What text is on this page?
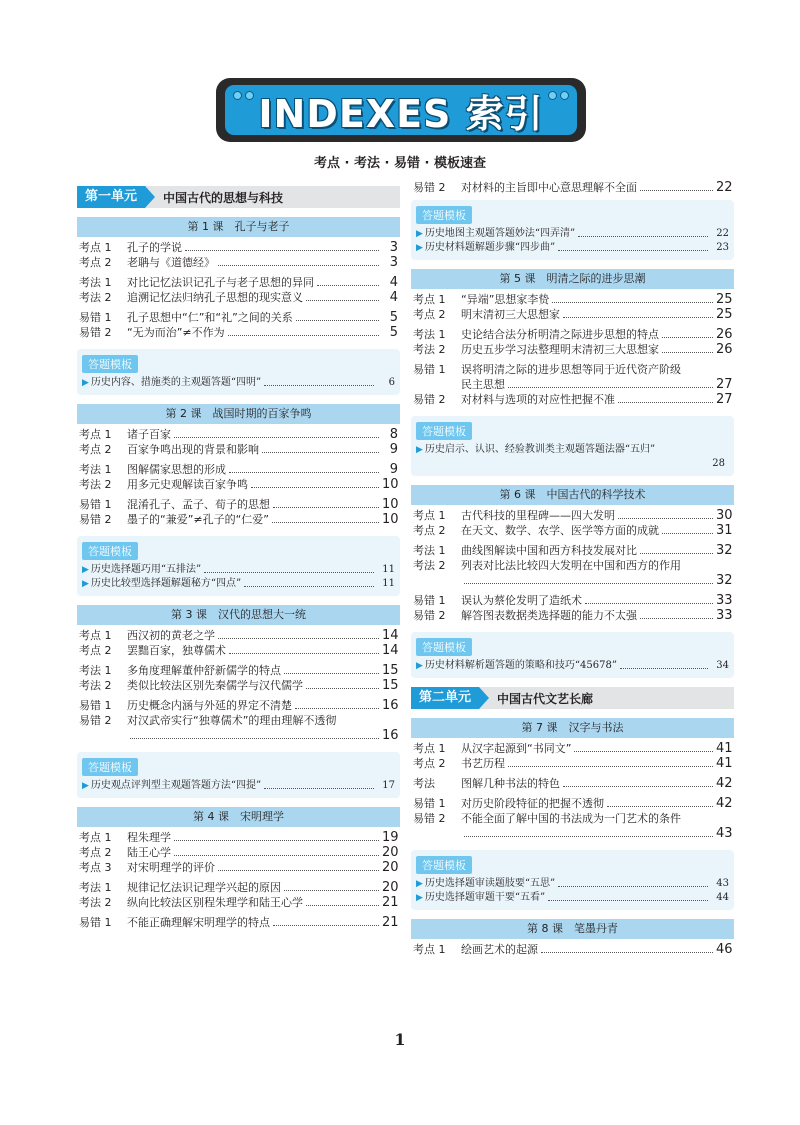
INDEXES 索引
考点 · 考法 · 易错 · 模板速查
第一单元	中国古代的思想与科技
第 1 课　孔子与老子
考点 1	孔子的学说	3
考点 2	老聃与《道德经》	3
考法 1	对比记忆法识记孔子与老子思想的异同	4
考法 2	追溯记忆法归纳孔子思想的现实意义	4
易错 1	孔子思想中“仁”和“礼”之间的关系	5
易错 2	“无为而治”≠不作为	5
答题模板
▶ 历史内容、措施类的主观题答题“四明”	6
第 2 课　战国时期的百家争鸣
考点 1	诸子百家	8
考点 2	百家争鸣出现的背景和影响	9
考法 1	图解儒家思想的形成	9
考法 2	用多元史观解读百家争鸣	10
易错 1	混淆孔子、孟子、荀子的思想	10
易错 2	墨子的“兼爱”≠孔子的“仁爱”	10
答题模板
▶ 历史选择题巧用“五排法”	11
▶ 历史比较型选择题解题秘方“四点”	11
第 3 课　汉代的思想大一统
考点 1	西汉初的黄老之学	14
考点 2	罢黜百家，独尊儒术	14
考法 1	多角度理解董仲舒新儒学的特点	15
考法 2	类似比较法区别先秦儒学与汉代儒学	15
易错 1	历史概念内涵与外延的界定不清楚	16
易错 2	对汉武帝实行“独尊儒术”的理由理解不透彻
16
答题模板
▶ 历史观点评判型主观题答题方法“四提”	17
第 4 课　宋明理学
考点 1	程朱理学	19
考点 2	陆王心学	20
考点 3	对宋明理学的评价	20
考法 1	规律记忆法识记理学兴起的原因	20
考法 2	纵向比较法区别程朱理学和陆王心学	21
易错 1	不能正确理解宋明理学的特点	21
易错 2	对材料的主旨即中心意思理解不全面	22
答题模板
▶ 历史地图主观题答题妙法“四弄清”	22
▶ 历史材料题解题步骤“四步曲”	23
第 5 课　明清之际的进步思潮
考点 1	“异端”思想家李贽	25
考点 2	明末清初三大思想家	25
考法 1	史论结合法分析明清之际进步思想的特点	26
考法 2	历史五步学习法整理明末清初三大思想家	26
易错 1	误将明清之际的进步思想等同于近代资产阶级
民主思想	27
易错 2	对材料与选项的对应性把握不准	27
答题模板
▶ 历史启示、认识、经验教训类主观题答题法器“五归”
28
第 6 课　中国古代的科学技术
考点 1	古代科技的里程碑——四大发明	30
考点 2	在天文、数学、农学、医学等方面的成就	31
考法 1	曲线图解读中国和西方科技发展对比	32
考法 2	列表对比法比较四大发明在中国和西方的作用
32
易错 1	误认为蔡伦发明了造纸术	33
易错 2	解答图表数据类选择题的能力不太强	33
答题模板
▶ 历史材料解析题答题的策略和技巧“45678”	34
第二单元	中国古代文艺长廊
第 7 课　汉字与书法
考点 1	从汉字起源到“书同文”	41
考点 2	书艺历程	41
考法	图解几种书法的特色	42
易错 1	对历史阶段特征的把握不透彻	42
易错 2	不能全面了解中国的书法成为一门艺术的条件
43
答题模板
▶ 历史选择题审读题肢要“五思”	43
▶ 历史选择题审题干要“五看”	44
第 8 课　笔墨丹青
考点 1	绘画艺术的起源	46
1
